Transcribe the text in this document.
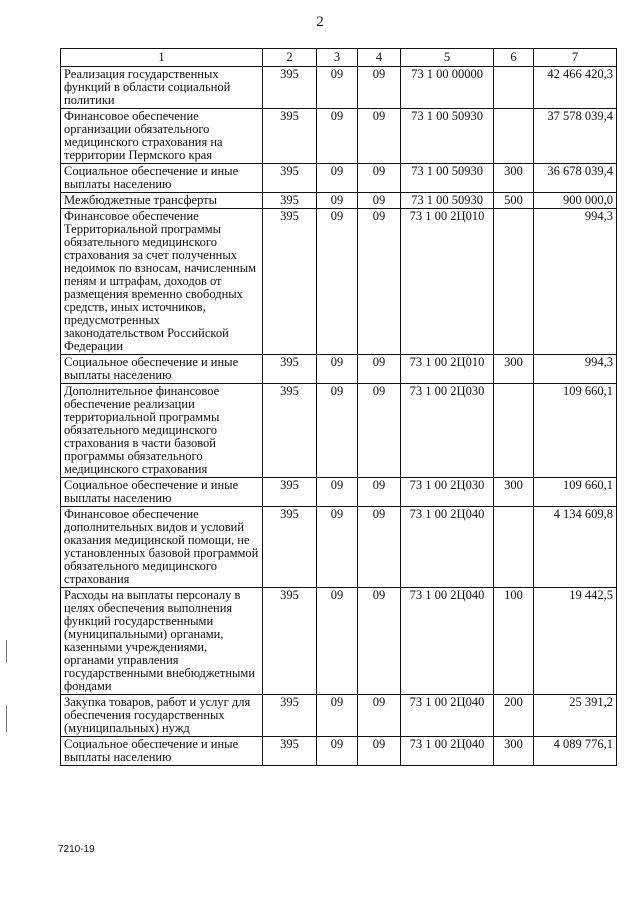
2
1	2	3	4	5	6	7
Реализация государственных функций в области социальной политики	395	09	09	73 1 00 00000		42 466 420,3
Финансовое обеспечение организации обязательного медицинского страхования на территории Пермского края	395	09	09	73 1 00 50930		37 578 039,4
Социальное обеспечение и иные выплаты населению	395	09	09	73 1 00 50930	300	36 678 039,4
Межбюджетные трансферты	395	09	09	73 1 00 50930	500	900 000,0
Финансовое обеспечение Территориальной программы обязательного медицинского страхования за счет полученных недоимок по взносам, начисленным пеням и штрафам, доходов от размещения временно свободных средств, иных источников, предусмотренных законодательством Российской Федерации	395	09	09	73 1 00 2Ц010		994,3
Социальное обеспечение и иные выплаты населению	395	09	09	73 1 00 2Ц010	300	994,3
Дополнительное финансовое обеспечение реализации территориальной программы обязательного медицинского страхования в части базовой программы обязательного медицинского страхования	395	09	09	73 1 00 2Ц030		109 660,1
Социальное обеспечение и иные выплаты населению	395	09	09	73 1 00 2Ц030	300	109 660,1
Финансовое обеспечение дополнительных видов и условий оказания медицинской помощи, не установленных базовой программой обязательного медицинского страхования	395	09	09	73 1 00 2Ц040		4 134 609,8
Расходы на выплаты персоналу в целях обеспечения выполнения функций государственными (муниципальными) органами, казенными учреждениями, органами управления государственными внебюджетными фондами	395	09	09	73 1 00 2Ц040	100	19 442,5
Закупка товаров, работ и услуг для обеспечения государственных (муниципальных) нужд	395	09	09	73 1 00 2Ц040	200	25 391,2
Социальное обеспечение и иные выплаты населению	395	09	09	73 1 00 2Ц040	300	4 089 776,1
7210-19
